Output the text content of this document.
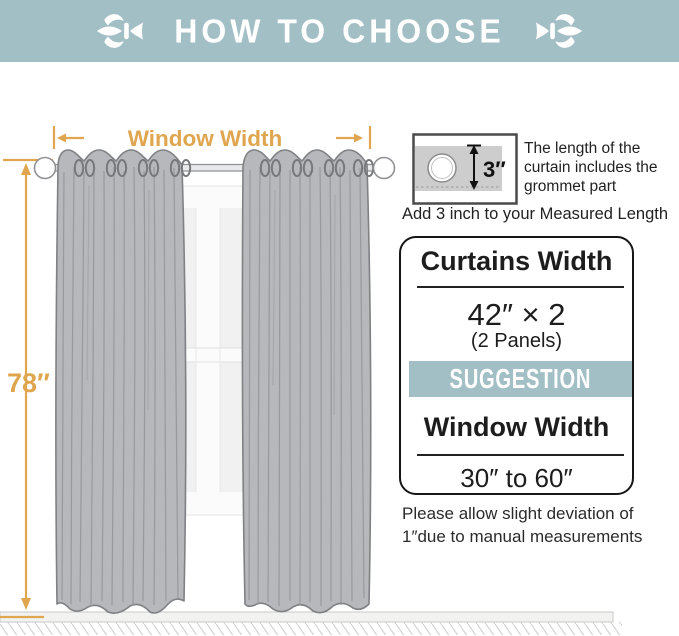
78″
Window Width
HOW TO CHOOSE
3″
The length of the curtain includes the grommet part
Add 3 inch to your Measured Length
Curtains Width
42″ × 2
(2 Panels)
SUGGESTION
Window Width
30″ to 60″
Please allow slight deviation of 1″due to manual measurements
